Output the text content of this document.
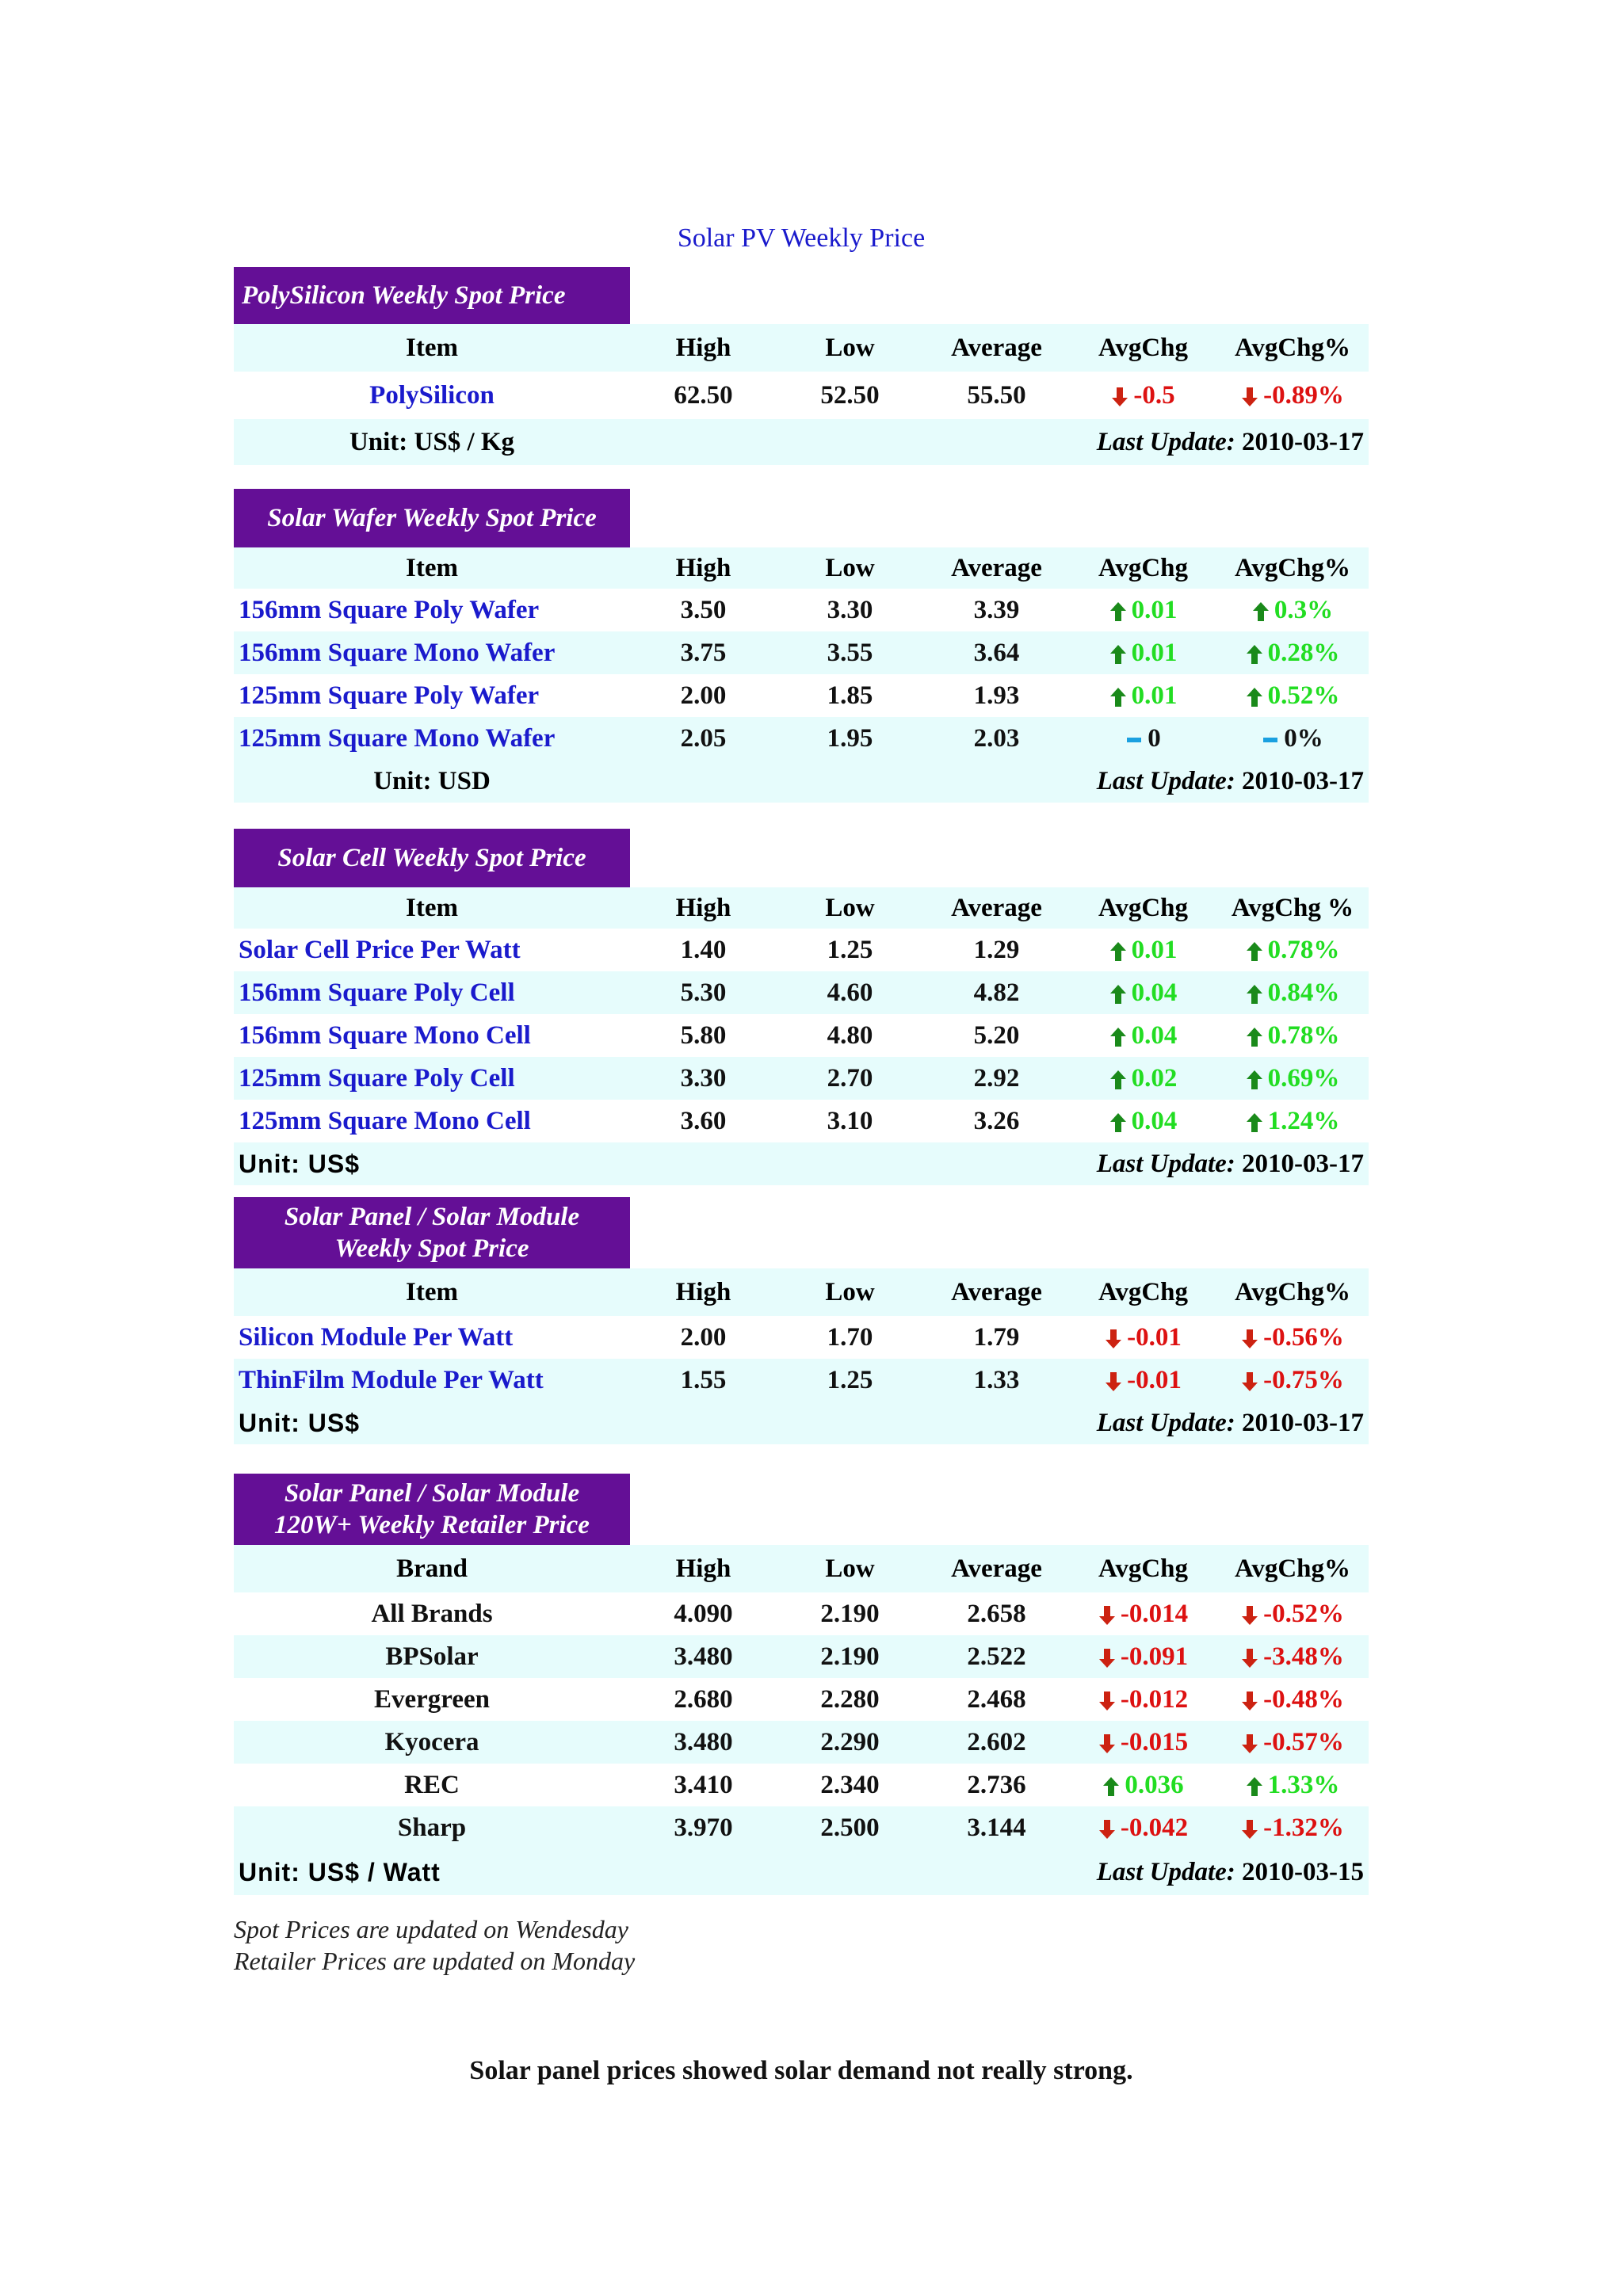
Solar PV Weekly Price
PolySilicon Weekly Spot Price
Item	High	Low	Average	AvgChg	AvgChg%
PolySilicon	62.50	52.50	55.50	-0.5	-0.89%
Unit: US$ / Kg	Last Update: 2010-03-17
Solar Wafer Weekly Spot Price
Item	High	Low	Average	AvgChg	AvgChg%
156mm Square Poly Wafer	3.50	3.30	3.39	0.01	0.3%
156mm Square Mono Wafer	3.75	3.55	3.64	0.01	0.28%
125mm Square Poly Wafer	2.00	1.85	1.93	0.01	0.52%
125mm Square Mono Wafer	2.05	1.95	2.03	0	0%
Unit: USD	Last Update: 2010-03-17
Solar Cell Weekly Spot Price
Item	High	Low	Average	AvgChg	AvgChg %
Solar Cell Price Per Watt	1.40	1.25	1.29	0.01	0.78%
156mm Square Poly Cell	5.30	4.60	4.82	0.04	0.84%
156mm Square Mono Cell	5.80	4.80	5.20	0.04	0.78%
125mm Square Poly Cell	3.30	2.70	2.92	0.02	0.69%
125mm Square Mono Cell	3.60	3.10	3.26	0.04	1.24%
Unit: US$	Last Update: 2010-03-17
Solar Panel / Solar Module
Weekly Spot Price
Item	High	Low	Average	AvgChg	AvgChg%
Silicon Module Per Watt	2.00	1.70	1.79	-0.01	-0.56%
ThinFilm Module Per Watt	1.55	1.25	1.33	-0.01	-0.75%
Unit: US$	Last Update: 2010-03-17
Solar Panel / Solar Module
120W+ Weekly Retailer Price
Brand	High	Low	Average	AvgChg	AvgChg%
All Brands	4.090	2.190	2.658	-0.014	-0.52%
BPSolar	3.480	2.190	2.522	-0.091	-3.48%
Evergreen	2.680	2.280	2.468	-0.012	-0.48%
Kyocera	3.480	2.290	2.602	-0.015	-0.57%
REC	3.410	2.340	2.736	0.036	1.33%
Sharp	3.970	2.500	3.144	-0.042	-1.32%
Unit: US$ / Watt	Last Update: 2010-03-15
Spot Prices are updated on Wendesday
Retailer Prices are updated on Monday
Solar panel prices showed solar demand not really strong.
